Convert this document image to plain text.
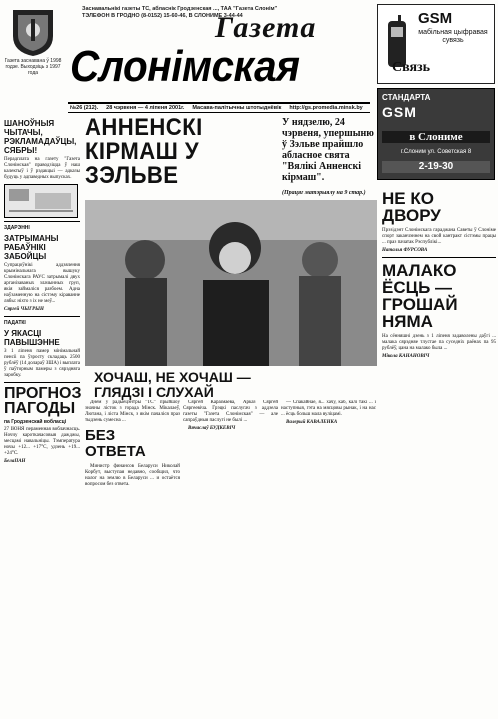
Газета заснавана ў 1998 годзе. Выходзіць з 1997 года
Заснавальнікі газеты ТС, абласнік Гродзенская ..., ТАА "Газета Слонім"
ТЭЛЕФОН В ГРОДНО (8-0152) 15-60-46, В СЛОНИМЕ 3-44-44
Газета
Слонімская
GSM
мабільная цыфравая сувязь
Связь
№26 (212). 28 чэрвеня — 4 ліпеня 2001г. Масава-палітычны штотыднёвік http://gs.promedia.minsk.by
СТАНДАРТА
GSM
в Слониме
г.Слоним ул. Советская 8
2-19-30
ШАНОЎНЫЯ ЧЫТАЧЫ, РЭКЛАМАДАЎЦЫ, СЯБРЫ!

Перадплата на газету "Газета Слонімская" праводзіцца ў наш калектыў і ў рэдакцыі — адказы будуць у адпаведных выпусках.

ЗДАРЭННІ
ЗАТРЫМАНЫ РАБАЎНІКІ ЗАБОЙЦЫ

Супрацоўнікі аддзялення крымінальнага вышуку Слонімскага РАУС затрымалі двух арганізаваных злачынных груп, якія займаліся разбоем. Адна наўзаменную на сістэму кіраванне лябы: ніхто з іх не меў...

Сяргей ЧЫГРЫН

ПАДАТКІ
У ЯКАСЦІ ПАВЫШЭННЕ

З 1 ліпеня памер мінімальнай пенсіі па ўзросту складаць 2500 рублёў (14 долараў ЗША) і выплата ў паўторным памеры з сярэдняга заробку.

ПРОГНОЗ ПАГОДЫ
па Гродзенскай вобласці

27 ІЮНЯ пераменная воблачнасць. Ноччу кароткачасовыя дажджы, месцамі навальніцы. Тэмпература ночы +12... +17°С, удзень +19... +24°С.

БелаПАН

АННЕНСКІ КІРМАШ У ЗЭЛЬВЕ
У нядзелю, 24 чэрвеня, упершыню ў Зэльве прайшло абласное свята "Вялікі Анненскі кірмаш".
(Працяг матэрыялу на 9 стар.)
ХОЧАШ, НЕ ХОЧАШ — ГЛЯДЗІ І СЛУХАЙ

Днём ў радыёцэнтры "ТС" прыйшоў значны лісток з горада Мінск. Мікалаеў, Лютана, і ліста Мінск, з якім пачаліся праз тыдзень сумесна ...

БЕЗ ОТВЕТА

Министр финансов Беларуси Николай Корбут, выступая недавно, сообщил, что налог на землю в Беларуси ... и остаётся вопросом без ответа.

Сяргей Караімаева, Арказ Сяргей Сяргеевіча. Грэцкі паслугач з аддзела газеты "Газета Слонімская" — але сапраўдныя паслугі не былі ...

Вячаслаў БУДКЕВІЧ

— Спакайнае, я... хачу, каб, калі такі ... і наступныя, гэта на мясцовы рынак, і на нас ... ёсць больш мала вуліцамі.

Валерый КАВАЛЕНКА

НЕ КО ДВОРУ

Прэзідэнт Слонімскага гараджана Саветы ў Слоніме спорт заканчэннем на свой кантракт сістэмы працы ... праз пачатак Рэспублікі...

Наталья ФУРСОВА

МАЛАКО ЁСЦЬ — ГРОШАЙ НЯМА

На сённяшні дзень з 1 ліпеня задаволены даўгі ... малака сярэдняе тлустае па суседніх раёнах па 95 рублёў, цана на малако была ...

Мікола КАНАНОВІЧ
